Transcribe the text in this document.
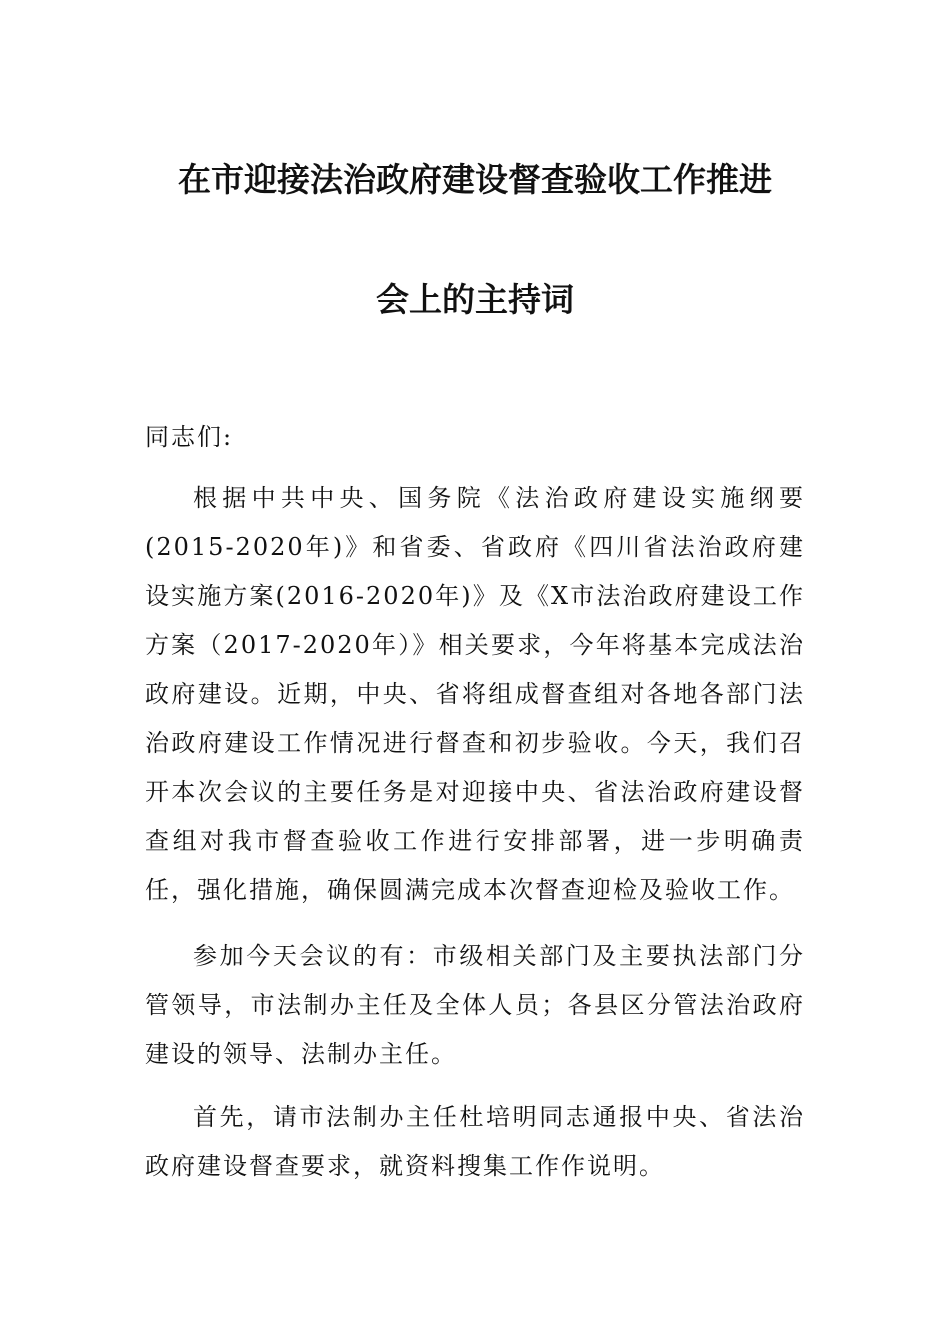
在市迎接法治政府建设督查验收工作推进
会上的主持词
同志们:
根据中共中央、国务院《法治政府建设实施纲要(2015-2020年)》和省委、省政府《四川省法治政府建设实施方案(2016-2020年)》及《X市法治政府建设工作方案（2017-2020年）》相关要求，今年将基本完成法治政府建设。近期，中央、省将组成督查组对各地各部门法治政府建设工作情况进行督查和初步验收。今天，我们召开本次会议的主要任务是对迎接中央、省法治政府建设督查组对我市督查验收工作进行安排部署，进一步明确责任，强化措施，确保圆满完成本次督查迎检及验收工作。
参加今天会议的有：市级相关部门及主要执法部门分管领导，市法制办主任及全体人员；各县区分管法治政府建设的领导、法制办主任。
首先，请市法制办主任杜培明同志通报中央、省法治政府建设督查要求，就资料搜集工作作说明。
